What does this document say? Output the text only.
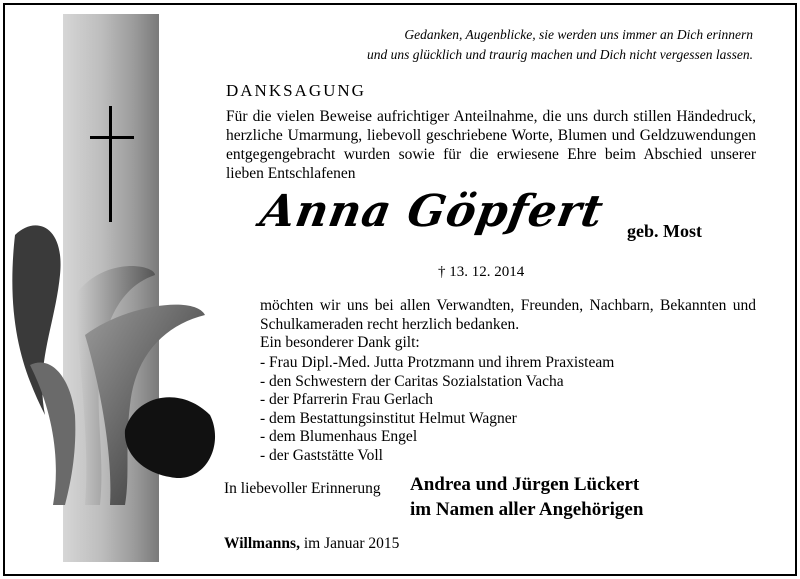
Gedanken, Augenblicke, sie werden uns immer an Dich erinnern
und uns glücklich und traurig machen und Dich nicht vergessen lassen.
DANKSAGUNG
Für die vielen Beweise aufrichtiger Anteilnahme, die uns durch stillen Händedruck, herzliche Umarmung, liebevoll geschriebene Worte, Blumen und Geldzuwendungen entgegengebracht wurden sowie für die erwiesene Ehre beim Abschied unserer lieben Entschlafenen
Anna Göpfert geb. Most
† 13. 12. 2014
möchten wir uns bei allen Verwandten, Freunden, Nachbarn, Bekannten und Schulkameraden recht herzlich bedanken.
Ein besonderer Dank gilt:
- Frau Dipl.-Med. Jutta Protzmann und ihrem Praxisteam
- den Schwestern der Caritas Sozialstation Vacha
- der Pfarrerin Frau Gerlach
- dem Bestattungsinstitut Helmut Wagner
- dem Blumenhaus Engel
- der Gaststätte Voll
In liebevoller Erinnerung Andrea und Jürgen Lückert
im Namen aller Angehörigen
Willmanns, im Januar 2015
